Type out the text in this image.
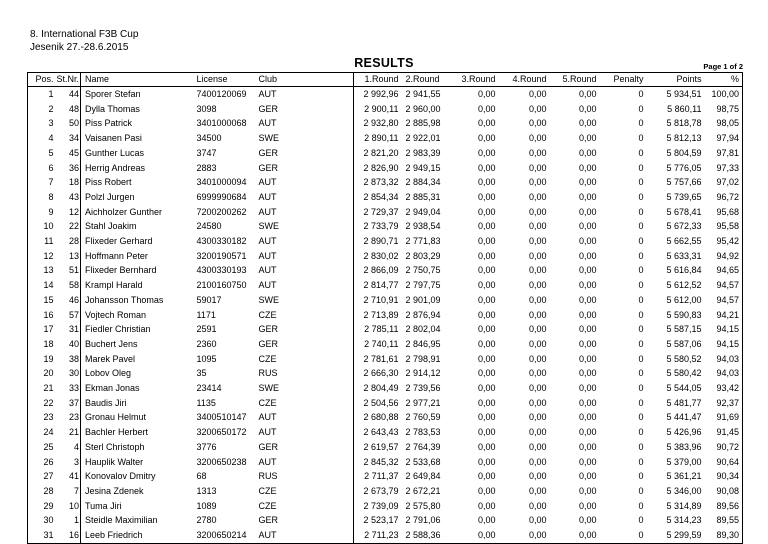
8. International F3B Cup
Jesenik 27.-28.6.2015
RESULTS	Page 1 of 2
Pos.	St.Nr.	Name	License	Club	1.Round	2.Round	3.Round	4.Round	5.Round	Penalty	Points	%
1	44	Sporer Stefan	7400120069	AUT	2 992,96	2 941,55	0,00	0,00	0,00	0	5 934,51	100,00
2	48	Dylla Thomas	3098	GER	2 900,11	2 960,00	0,00	0,00	0,00	0	5 860,11	98,75
3	50	Piss Patrick	3401000068	AUT	2 932,80	2 885,98	0,00	0,00	0,00	0	5 818,78	98,05
4	34	Vaisanen Pasi	34500	SWE	2 890,11	2 922,01	0,00	0,00	0,00	0	5 812,13	97,94
5	45	Gunther Lucas	3747	GER	2 821,20	2 983,39	0,00	0,00	0,00	0	5 804,59	97,81
6	36	Herrig Andreas	2883	GER	2 826,90	2 949,15	0,00	0,00	0,00	0	5 776,05	97,33
7	18	Piss Robert	3401000094	AUT	2 873,32	2 884,34	0,00	0,00	0,00	0	5 757,66	97,02
8	43	Polzl Jurgen	6999990684	AUT	2 854,34	2 885,31	0,00	0,00	0,00	0	5 739,65	96,72
9	12	Aichholzer Gunther	7200200262	AUT	2 729,37	2 949,04	0,00	0,00	0,00	0	5 678,41	95,68
10	22	Stahl Joakim	24580	SWE	2 733,79	2 938,54	0,00	0,00	0,00	0	5 672,33	95,58
11	28	Flixeder Gerhard	4300330182	AUT	2 890,71	2 771,83	0,00	0,00	0,00	0	5 662,55	95,42
12	13	Hoffmann Peter	3200190571	AUT	2 830,02	2 803,29	0,00	0,00	0,00	0	5 633,31	94,92
13	51	Flixeder Bernhard	4300330193	AUT	2 866,09	2 750,75	0,00	0,00	0,00	0	5 616,84	94,65
14	58	Krampl Harald	2100160750	AUT	2 814,77	2 797,75	0,00	0,00	0,00	0	5 612,52	94,57
15	46	Johansson Thomas	59017	SWE	2 710,91	2 901,09	0,00	0,00	0,00	0	5 612,00	94,57
16	57	Vojtech Roman	1171	CZE	2 713,89	2 876,94	0,00	0,00	0,00	0	5 590,83	94,21
17	31	Fiedler Christian	2591	GER	2 785,11	2 802,04	0,00	0,00	0,00	0	5 587,15	94,15
18	40	Buchert Jens	2360	GER	2 740,11	2 846,95	0,00	0,00	0,00	0	5 587,06	94,15
19	38	Marek Pavel	1095	CZE	2 781,61	2 798,91	0,00	0,00	0,00	0	5 580,52	94,03
20	30	Lobov Oleg	35	RUS	2 666,30	2 914,12	0,00	0,00	0,00	0	5 580,42	94,03
21	33	Ekman Jonas	23414	SWE	2 804,49	2 739,56	0,00	0,00	0,00	0	5 544,05	93,42
22	37	Baudis Jiri	1135	CZE	2 504,56	2 977,21	0,00	0,00	0,00	0	5 481,77	92,37
23	23	Gronau Helmut	3400510147	AUT	2 680,88	2 760,59	0,00	0,00	0,00	0	5 441,47	91,69
24	21	Bachler Herbert	3200650172	AUT	2 643,43	2 783,53	0,00	0,00	0,00	0	5 426,96	91,45
25	4	Sterl Christoph	3776	GER	2 619,57	2 764,39	0,00	0,00	0,00	0	5 383,96	90,72
26	3	Hauplik Walter	3200650238	AUT	2 845,32	2 533,68	0,00	0,00	0,00	0	5 379,00	90,64
27	41	Konovalov Dmitry	68	RUS	2 711,37	2 649,84	0,00	0,00	0,00	0	5 361,21	90,34
28	7	Jesina Zdenek	1313	CZE	2 673,79	2 672,21	0,00	0,00	0,00	0	5 346,00	90,08
29	10	Tuma Jiri	1089	CZE	2 739,09	2 575,80	0,00	0,00	0,00	0	5 314,89	89,56
30	1	Steidle Maximilian	2780	GER	2 523,17	2 791,06	0,00	0,00	0,00	0	5 314,23	89,55
31	16	Leeb Friedrich	3200650214	AUT	2 711,23	2 588,36	0,00	0,00	0,00	0	5 299,59	89,30
